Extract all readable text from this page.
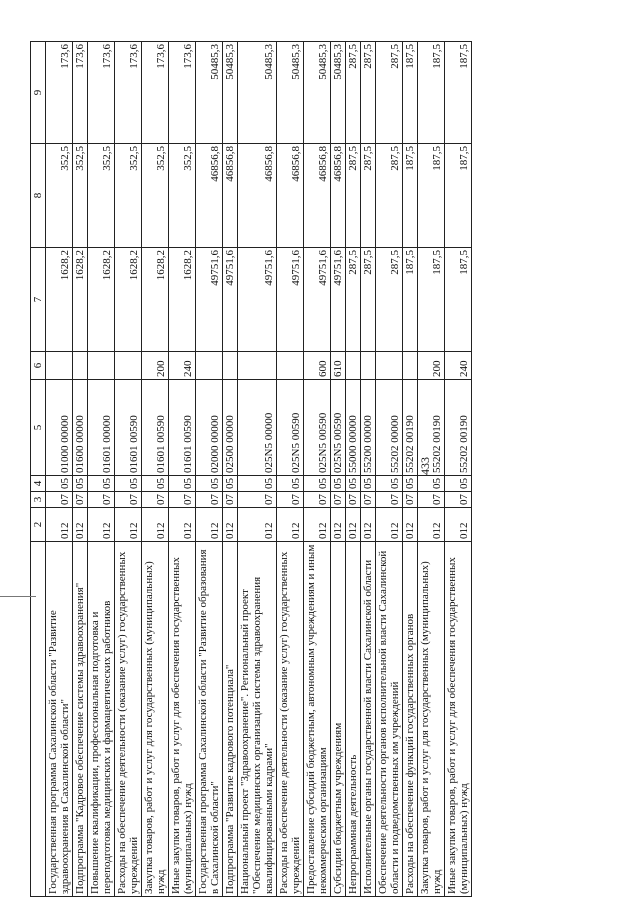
433
	2	3	4	5	6	7	8	9
Государственная программа Сахалинской области "Развитие здравоохранения в Сахалинской области"	012	07	05	01000 00000		1628,2	352,5	173,6
Подпрограмма "Кадровое обеспечение системы здравоохранения"	012	07	05	01600 00000		1628,2	352,5	173,6
Повышение квалификации, профессиональная подготовка и переподготовка медицинских и фармацевтических работников	012	07	05	01601 00000		1628,2	352,5	173,6
Расходы на обеспечение деятельности (оказание услуг) государственных учреждений	012	07	05	01601 00590		1628,2	352,5	173,6
Закупка товаров, работ и услуг для государственных (муниципальных) нужд	012	07	05	01601 00590	200	1628,2	352,5	173,6
Иные закупки товаров, работ и услуг для обеспечения государственных (муниципальных) нужд	012	07	05	01601 00590	240	1628,2	352,5	173,6
Государственная программа Сахалинской области "Развитие образования в Сахалинской области"	012	07	05	02000 00000		49751,6	46856,8	50485,3
Подпрограмма "Развитие кадрового потенциала"	012	07	05	02500 00000		49751,6	46856,8	50485,3
Национальный проект "Здравоохранение". Региональный проект "Обеспечение медицинских организаций системы здравоохранения квалифицированными кадрами"	012	07	05	025N5 00000		49751,6	46856,8	50485,3
Расходы на обеспечение деятельности (оказание услуг) государственных учреждений	012	07	05	025N5 00590		49751,6	46856,8	50485,3
Предоставление субсидий бюджетным, автономным учреждениям и иным некоммерческим организациям	012	07	05	025N5 00590	600	49751,6	46856,8	50485,3
Субсидии бюджетным учреждениям	012	07	05	025N5 00590	610	49751,6	46856,8	50485,3
Непрограммная деятельность	012	07	05	55000 00000		287,5	287,5	287,5
Исполнительные органы государственной власти Сахалинской области	012	07	05	55200 00000		287,5	287,5	287,5
Обеспечение деятельности органов исполнительной власти Сахалинской области и подведомственных им учреждений	012	07	05	55202 00000		287,5	287,5	287,5
Расходы на обеспечение функций государственных органов	012	07	05	55202 00190		187,5	187,5	187,5
Закупка товаров, работ и услуг для государственных (муниципальных) нужд	012	07	05	55202 00190	200	187,5	187,5	187,5
Иные закупки товаров, работ и услуг для обеспечения государственных (муниципальных) нужд	012	07	05	55202 00190	240	187,5	187,5	187,5
